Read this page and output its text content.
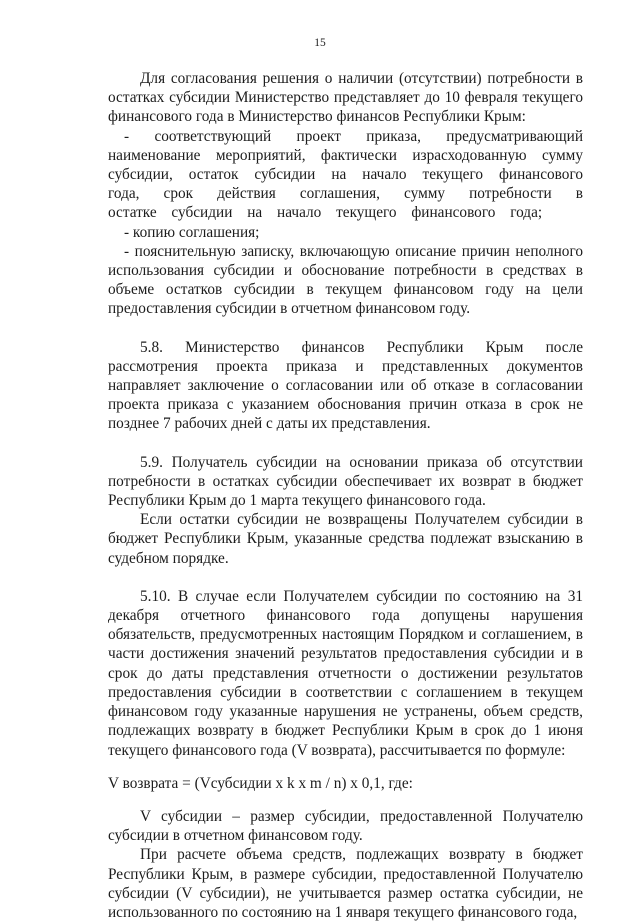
15

Для согласования решения о наличии (отсутствии) потребности в остатках субсидии Министерство представляет до 10 февраля текущего финансового года в Министерство финансов Республики Крым:

- соответствующий проект приказа, предусматривающий наименование мероприятий, фактически израсходованную сумму субсидии, остаток субсидии на начало текущего финансового года, срок действия соглашения, сумму потребности в остатке субсидии на начало текущего финансового года;

- копию соглашения;

- пояснительную записку, включающую описание причин неполного использования субсидии и обоснование потребности в средствах в объеме остатков субсидии в текущем финансовом году на цели предоставления субсидии в отчетном финансовом году.

5.8. Министерство финансов Республики Крым после рассмотрения проекта приказа и представленных документов направляет заключение о согласовании или об отказе в согласовании проекта приказа с указанием обоснования причин отказа в срок не позднее 7 рабочих дней с даты их представления.

5.9. Получатель субсидии на основании приказа об отсутствии потребности в остатках субсидии обеспечивает их возврат в бюджет Республики Крым до 1 марта текущего финансового года.

Если остатки субсидии не возвращены Получателем субсидии в бюджет Республики Крым, указанные средства подлежат взысканию в судебном порядке.

5.10. В случае если Получателем субсидии по состоянию на 31 декабря отчетного финансового года допущены нарушения обязательств, предусмотренных настоящим Порядком и соглашением, в части достижения значений результатов предоставления субсидии и в срок до даты представления отчетности о достижении результатов предоставления субсидии в соответствии с соглашением в текущем финансовом году указанные нарушения не устранены, объем средств, подлежащих возврату в бюджет Республики Крым в срок до 1 июня текущего финансового года (V возврата), рассчитывается по формуле:

V возврата = (Vсубсидии x k x m / n) x 0,1, где:

V субсидии – размер субсидии, предоставленной Получателю субсидии в отчетном финансовом году.

При расчете объема средств, подлежащих возврату в бюджет Республики Крым, в размере субсидии, предоставленной Получателю субсидии (V субсидии), не учитывается размер остатка субсидии, не использованного по состоянию на 1 января текущего финансового года,
